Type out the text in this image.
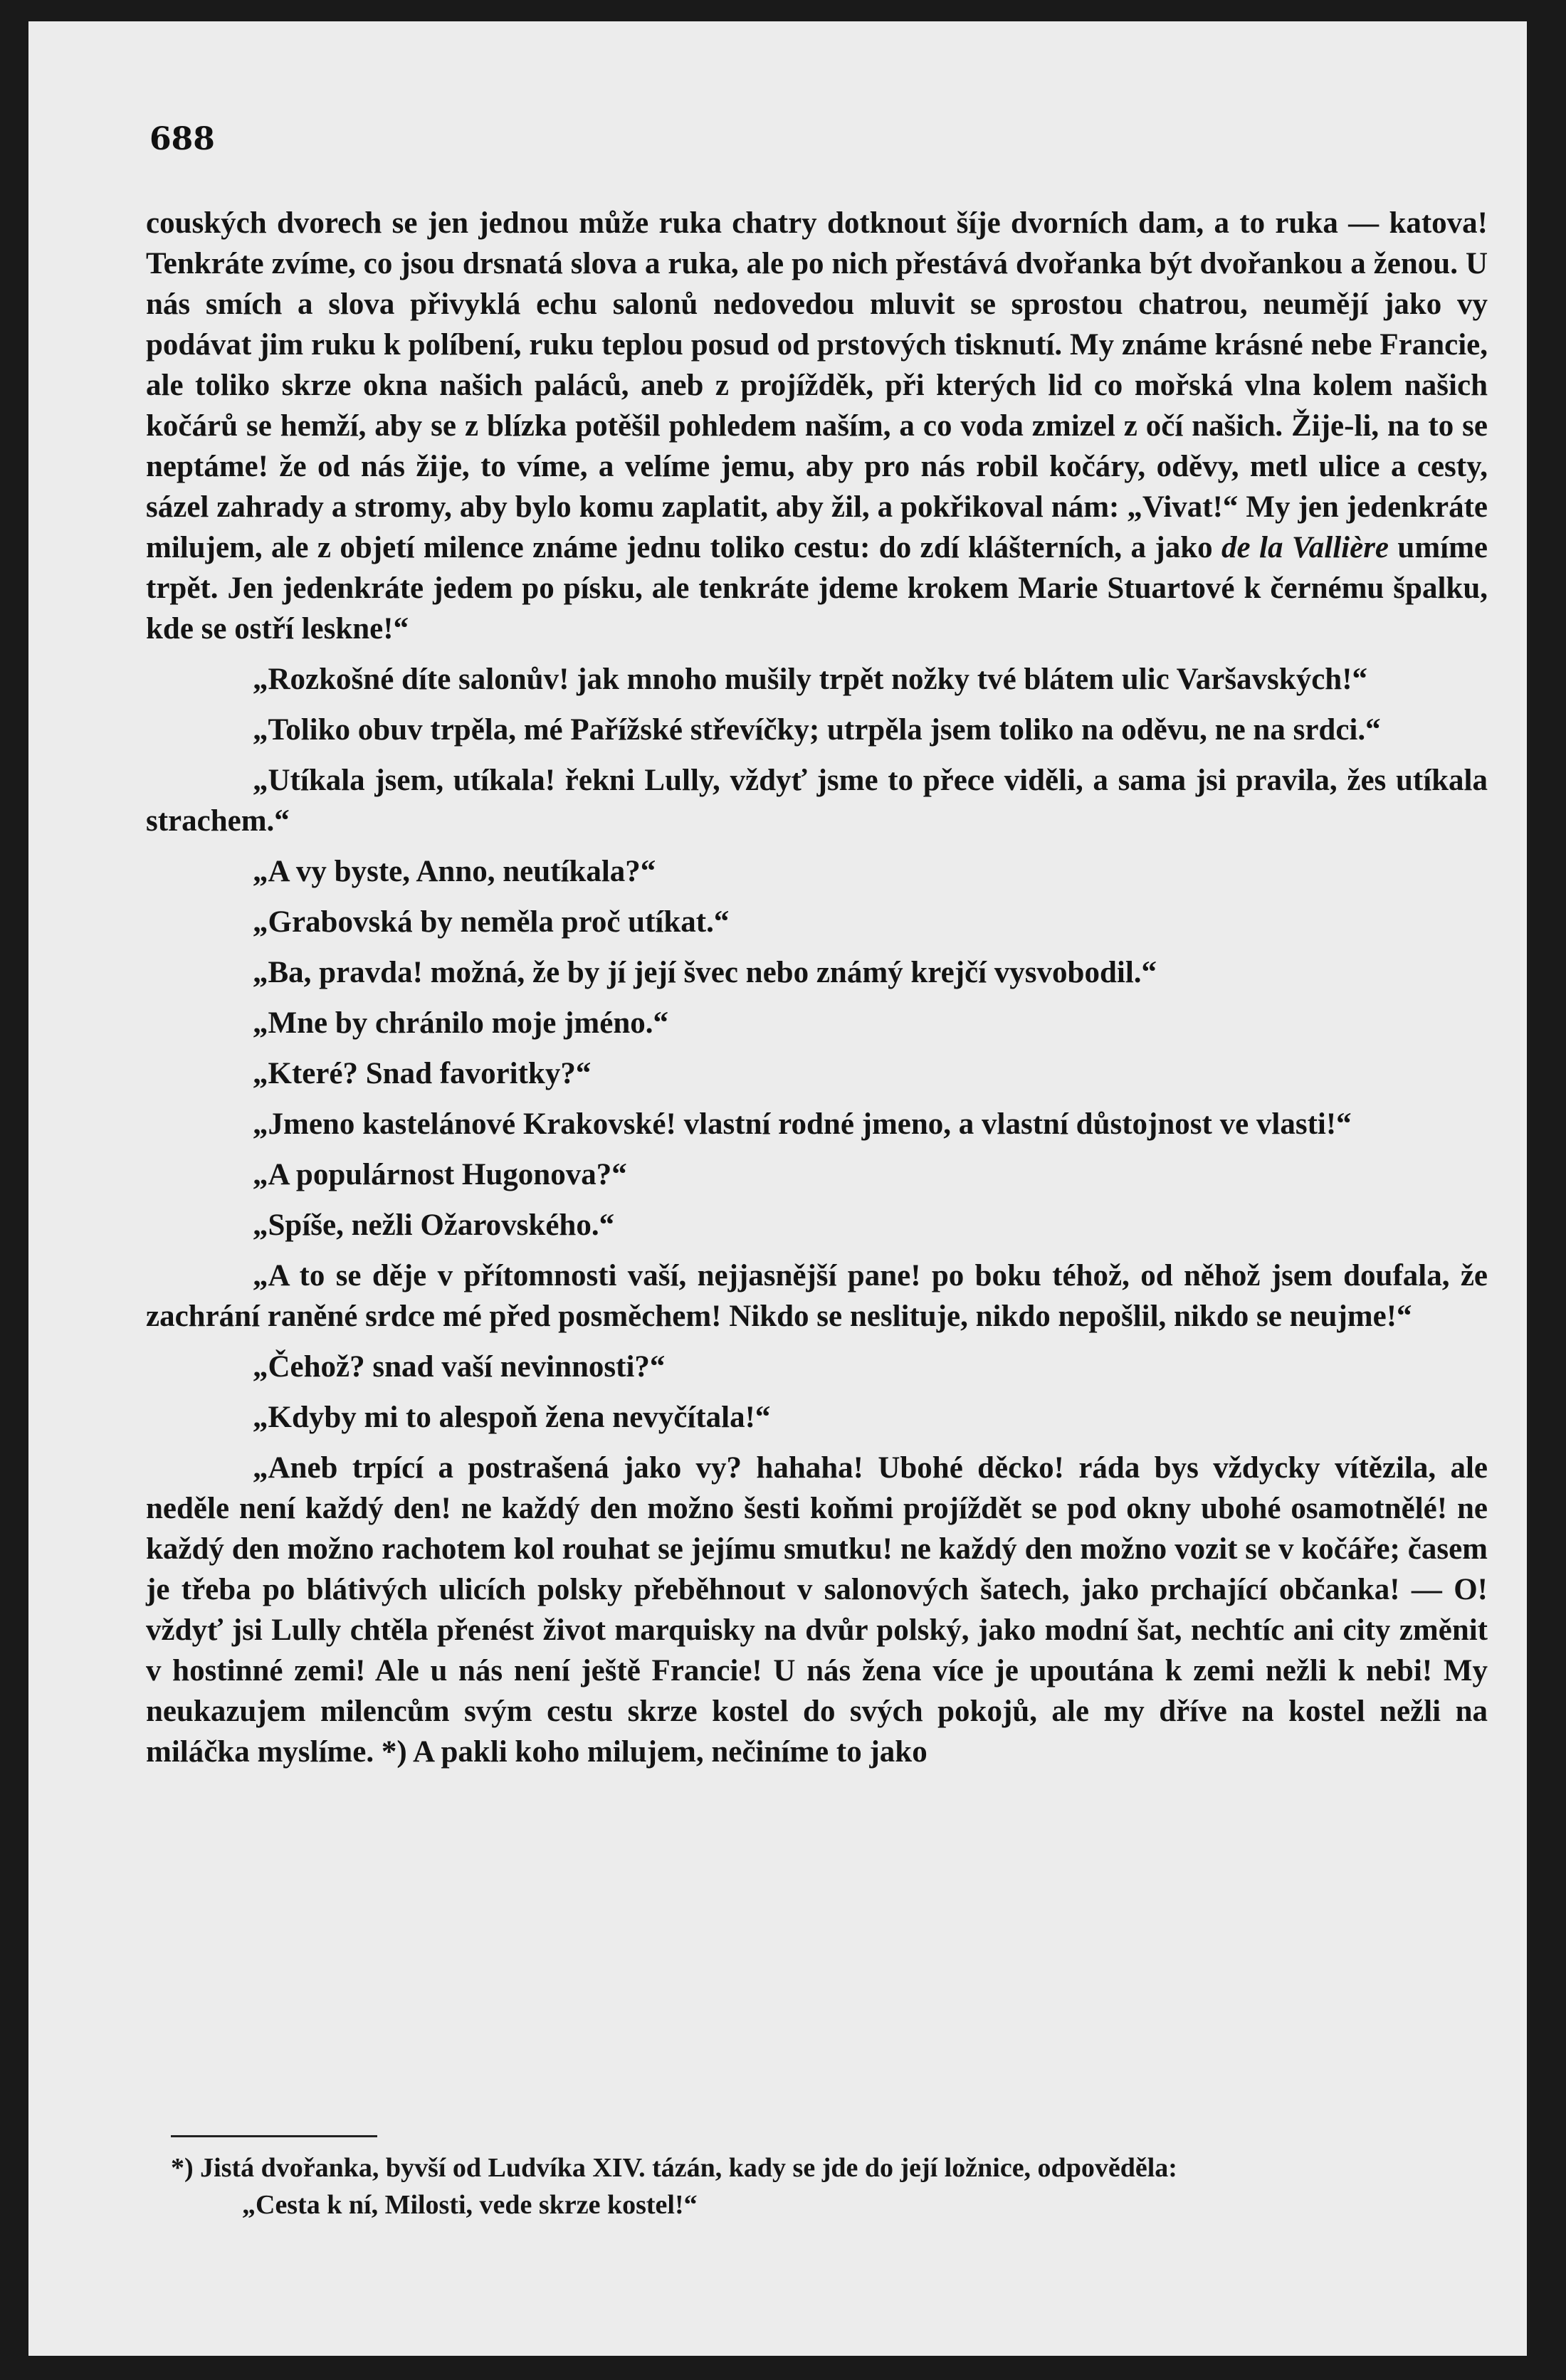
688

couských dvorech se jen jednou může ruka chatry dotknout šíje dvorních dam, a to ruka — katova! Tenkráte zvíme, co jsou drsnatá slova a ruka, ale po nich přestává dvořanka být dvořankou a ženou. U nás smích a slova přivyklá echu salonů nedovedou mluvit se sprostou chatrou, neumějí jako vy podávat jim ruku k políbení, ruku teplou posud od prstových tisknutí. My známe krásné nebe Francie, ale toliko skrze okna našich paláců, aneb z projížděk, při kterých lid co mořská vlna kolem našich kočárů se hemží, aby se z blízka potěšil pohledem naším, a co voda zmizel z očí našich. Žije-li, na to se neptáme! že od nás žije, to víme, a velíme jemu, aby pro nás robil kočáry, oděvy, metl ulice a cesty, sázel zahrady a stromy, aby bylo komu zaplatit, aby žil, a pokřikoval nám: „Vivat!“ My jen jedenkráte milujem, ale z objetí milence známe jednu toliko cestu: do zdí klášterních, a jako de la Vallière umíme trpět. Jen jedenkráte jedem po písku, ale tenkráte jdeme krokem Marie Stuartové k černému špalku, kde se ostří leskne!“

„Rozkošné díte salonův! jak mnoho mušily trpět nožky tvé blátem ulic Varšavských!“

„Toliko obuv trpěla, mé Pařížské střevíčky; utrpěla jsem toliko na oděvu, ne na srdci.“

„Utíkala jsem, utíkala! řekni Lully, vždyť jsme to přece viděli, a sama jsi pravila, žes utíkala strachem.“

„A vy byste, Anno, neutíkala?“

„Grabovská by neměla proč utíkat.“

„Ba, pravda! možná, že by jí její švec nebo známý krejčí vysvobodil.“

„Mne by chránilo moje jméno.“

„Které? Snad favoritky?“

„Jmeno kastelánové Krakovské! vlastní rodné jmeno, a vlastní důstojnost ve vlasti!“

„A populárnost Hugonova?“

„Spíše, nežli Ožarovského.“

„A to se děje v přítomnosti vaší, nejjasnější pane! po boku téhož, od něhož jsem doufala, že zachrání raněné srdce mé před posměchem! Nikdo se neslituje, nikdo nepošlil, nikdo se neujme!“

„Čehož? snad vaší nevinnosti?“

„Kdyby mi to alespoň žena nevyčítala!“

„Aneb trpící a postrašená jako vy? hahaha! Ubohé děcko! ráda bys vždycky vítězila, ale neděle není každý den! ne každý den možno šesti koňmi projíždět se pod okny ubohé osamotnělé! ne každý den možno rachotem kol rouhat se jejímu smutku! ne každý den možno vozit se v kočáře; časem je třeba po blátivých ulicích polsky přeběhnout v salonových šatech, jako prchající občanka! — O! vždyť jsi Lully chtěla přenést život marquisky na dvůr polský, jako modní šat, nechtíc ani city změnit v hostinné zemi! Ale u nás není ještě Francie! U nás žena více je upoutána k zemi nežli k nebi! My neukazujem milencům svým cestu skrze kostel do svých pokojů, ale my dříve na kostel nežli na miláčka myslíme. *) A pakli koho milujem, nečiníme to jako

*) Jistá dvořanka, byvší od Ludvíka XIV. tázán, kady se jde do její ložnice, odpověděla:
„Cesta k ní, Milosti, vede skrze kostel!“
